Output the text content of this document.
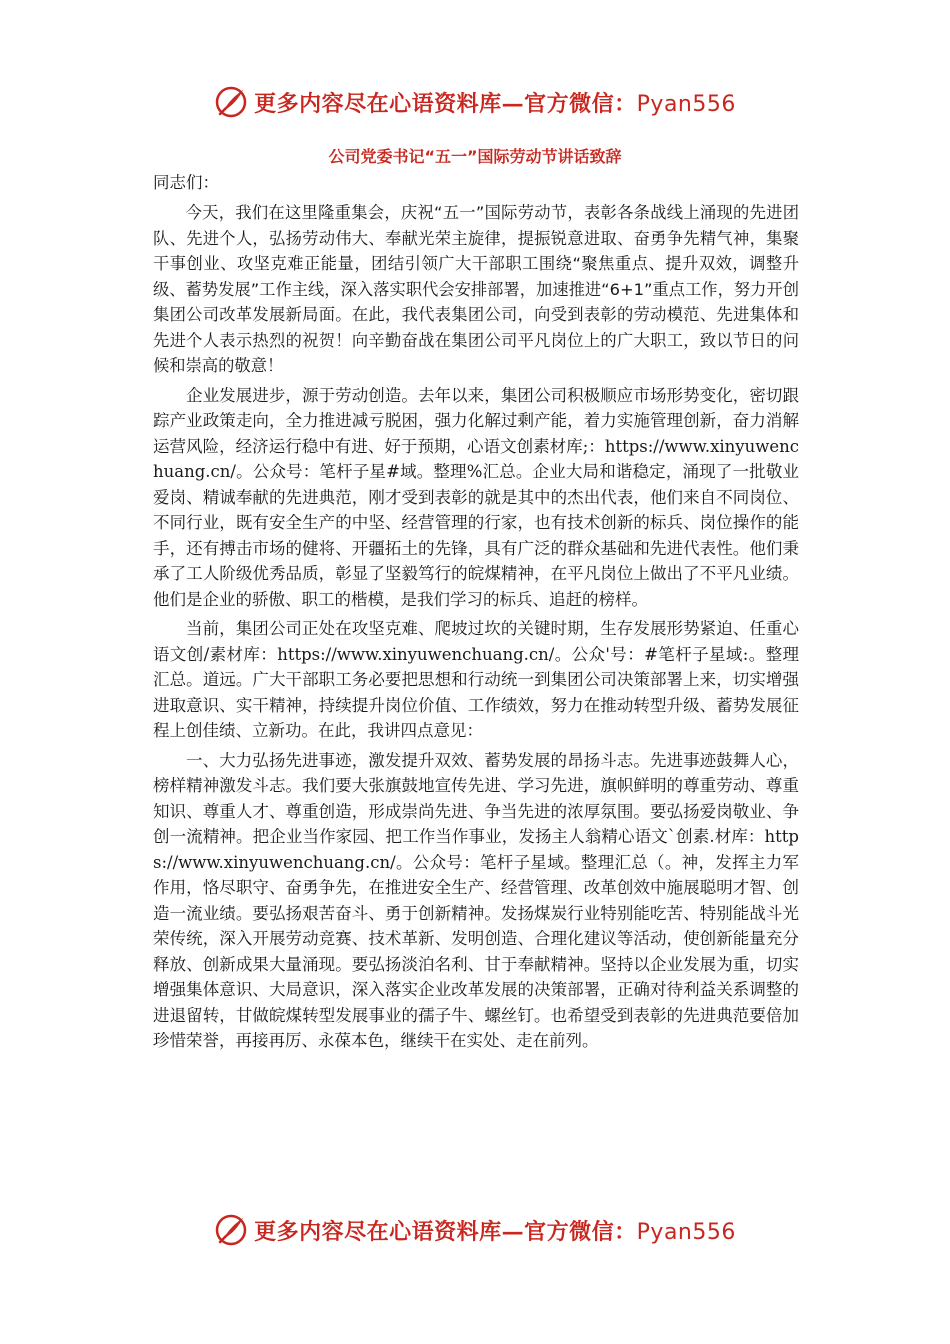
更多内容尽在心语资料库—官方微信：Pyan556
公司党委书记“五一”国际劳动节讲话致辞

同志们：

今天，我们在这里隆重集会，庆祝“五一”国际劳动节，表彰各条战线上涌现的先进团队、先进个人，弘扬劳动伟大、奉献光荣主旋律，提振锐意进取、奋勇争先精气神，集聚干事创业、攻坚克难正能量，团结引领广大干部职工围绕“聚焦重点、提升双效，调整升级、蓄势发展”工作主线，深入落实职代会安排部署，加速推进“6+1”重点工作，努力开创集团公司改革发展新局面。在此，我代表集团公司，向受到表彰的劳动模范、先进集体和先进个人表示热烈的祝贺！向辛勤奋战在集团公司平凡岗位上的广大职工，致以节日的问候和崇高的敬意！

企业发展进步，源于劳动创造。去年以来，集团公司积极顺应市场形势变化，密切跟踪产业政策走向，全力推进减亏脱困，强力化解过剩产能，着力实施管理创新，奋力消解运营风险，经济运行稳中有进、好于预期，心语文创素材库;：https://www.xinyuwenchuang.cn/。公众号：笔杆子星#域。整理%汇总。企业大局和谐稳定，涌现了一批敬业爱岗、精诚奉献的先进典范，刚才受到表彰的就是其中的杰出代表，他们来自不同岗位、不同行业，既有安全生产的中坚、经营管理的行家，也有技术创新的标兵、岗位操作的能手，还有搏击市场的健将、开疆拓土的先锋，具有广泛的群众基础和先进代表性。他们秉承了工人阶级优秀品质，彰显了坚毅笃行的皖煤精神，在平凡岗位上做出了不平凡业绩。他们是企业的骄傲、职工的楷模，是我们学习的标兵、追赶的榜样。

当前，集团公司正处在攻坚克难、爬坡过坎的关键时期，生存发展形势紧迫、任重心语文创/素材库：https://www.xinyuwenchuang.cn/。公众'号：#笔杆子星域:。整理汇总。道远。广大干部职工务必要把思想和行动统一到集团公司决策部署上来，切实增强进取意识、实干精神，持续提升岗位价值、工作绩效，努力在推动转型升级、蓄势发展征程上创佳绩、立新功。在此，我讲四点意见：

一、大力弘扬先进事迹，激发提升双效、蓄势发展的昂扬斗志。先进事迹鼓舞人心，榜样精神激发斗志。我们要大张旗鼓地宣传先进、学习先进，旗帜鲜明的尊重劳动、尊重知识、尊重人才、尊重创造，形成崇尚先进、争当先进的浓厚氛围。要弘扬爱岗敬业、争创一流精神。把企业当作家园、把工作当作事业，发扬主人翁精心语文`创素.材库：https://www.xinyuwenchuang.cn/。公众号：笔杆子星域。整理汇总（。神，发挥主力军作用，恪尽职守、奋勇争先，在推进安全生产、经营管理、改革创效中施展聪明才智、创造一流业绩。要弘扬艰苦奋斗、勇于创新精神。发扬煤炭行业特别能吃苦、特别能战斗光荣传统，深入开展劳动竞赛、技术革新、发明创造、合理化建议等活动，使创新能量充分释放、创新成果大量涌现。要弘扬淡泊名利、甘于奉献精神。坚持以企业发展为重，切实增强集体意识、大局意识，深入落实企业改革发展的决策部署，正确对待利益关系调整的进退留转，甘做皖煤转型发展事业的孺子牛、螺丝钉。也希望受到表彰的先进典范要倍加珍惜荣誉，再接再厉、永葆本色，继续干在实处、走在前列。

更多内容尽在心语资料库—官方微信：Pyan556
